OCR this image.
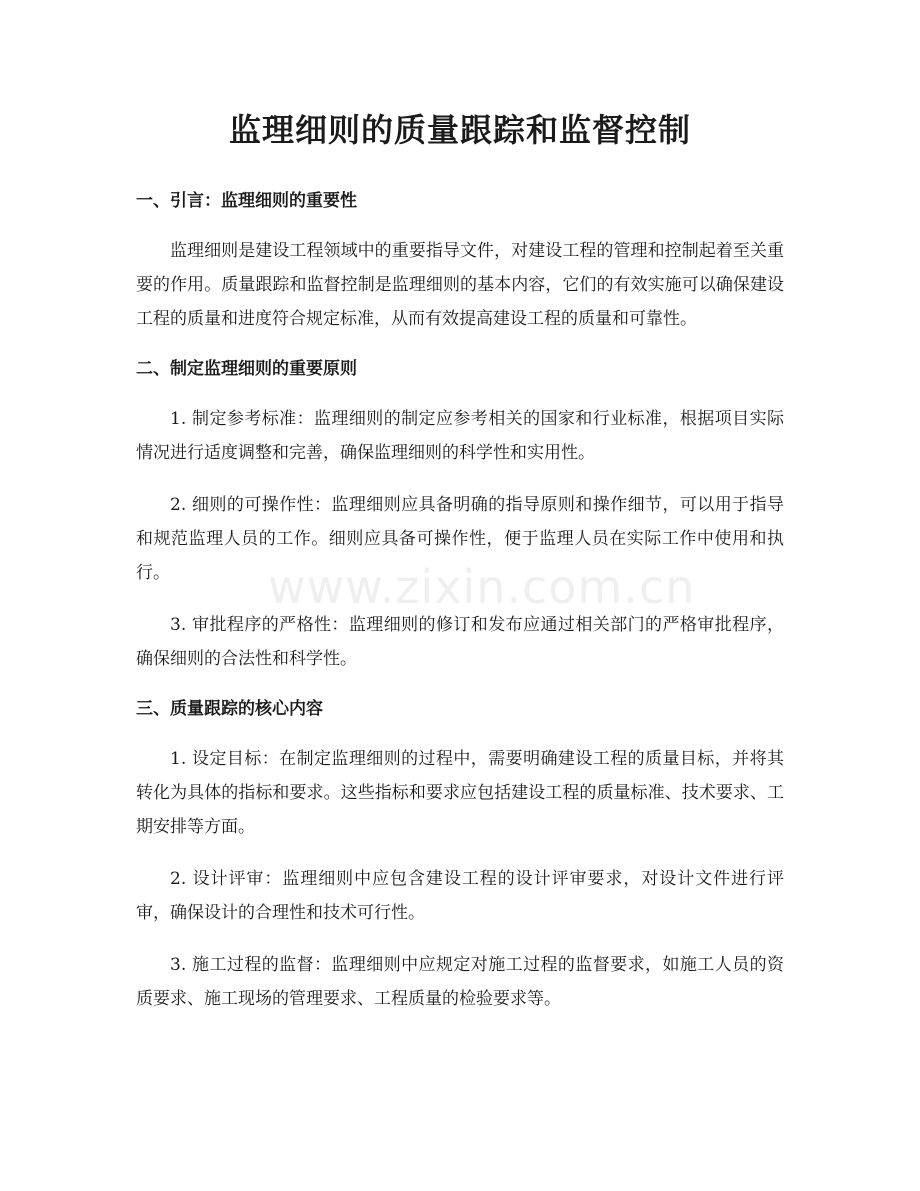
监理细则的质量跟踪和监督控制
www.zixin.com.cn
一、引言：监理细则的重要性

监理细则是建设工程领域中的重要指导文件，对建设工程的管理和控制起着至关重要的作用。质量跟踪和监督控制是监理细则的基本内容，它们的有效实施可以确保建设工程的质量和进度符合规定标准，从而有效提高建设工程的质量和可靠性。

二、制定监理细则的重要原则

1. 制定参考标准：监理细则的制定应参考相关的国家和行业标准，根据项目实际情况进行适度调整和完善，确保监理细则的科学性和实用性。

2. 细则的可操作性：监理细则应具备明确的指导原则和操作细节，可以用于指导和规范监理人员的工作。细则应具备可操作性，便于监理人员在实际工作中使用和执行。

3. 审批程序的严格性：监理细则的修订和发布应通过相关部门的严格审批程序，确保细则的合法性和科学性。

三、质量跟踪的核心内容

1. 设定目标：在制定监理细则的过程中，需要明确建设工程的质量目标，并将其转化为具体的指标和要求。这些指标和要求应包括建设工程的质量标准、技术要求、工期安排等方面。

2. 设计评审：监理细则中应包含建设工程的设计评审要求，对设计文件进行评审，确保设计的合理性和技术可行性。

3. 施工过程的监督：监理细则中应规定对施工过程的监督要求，如施工人员的资质要求、施工现场的管理要求、工程质量的检验要求等。
